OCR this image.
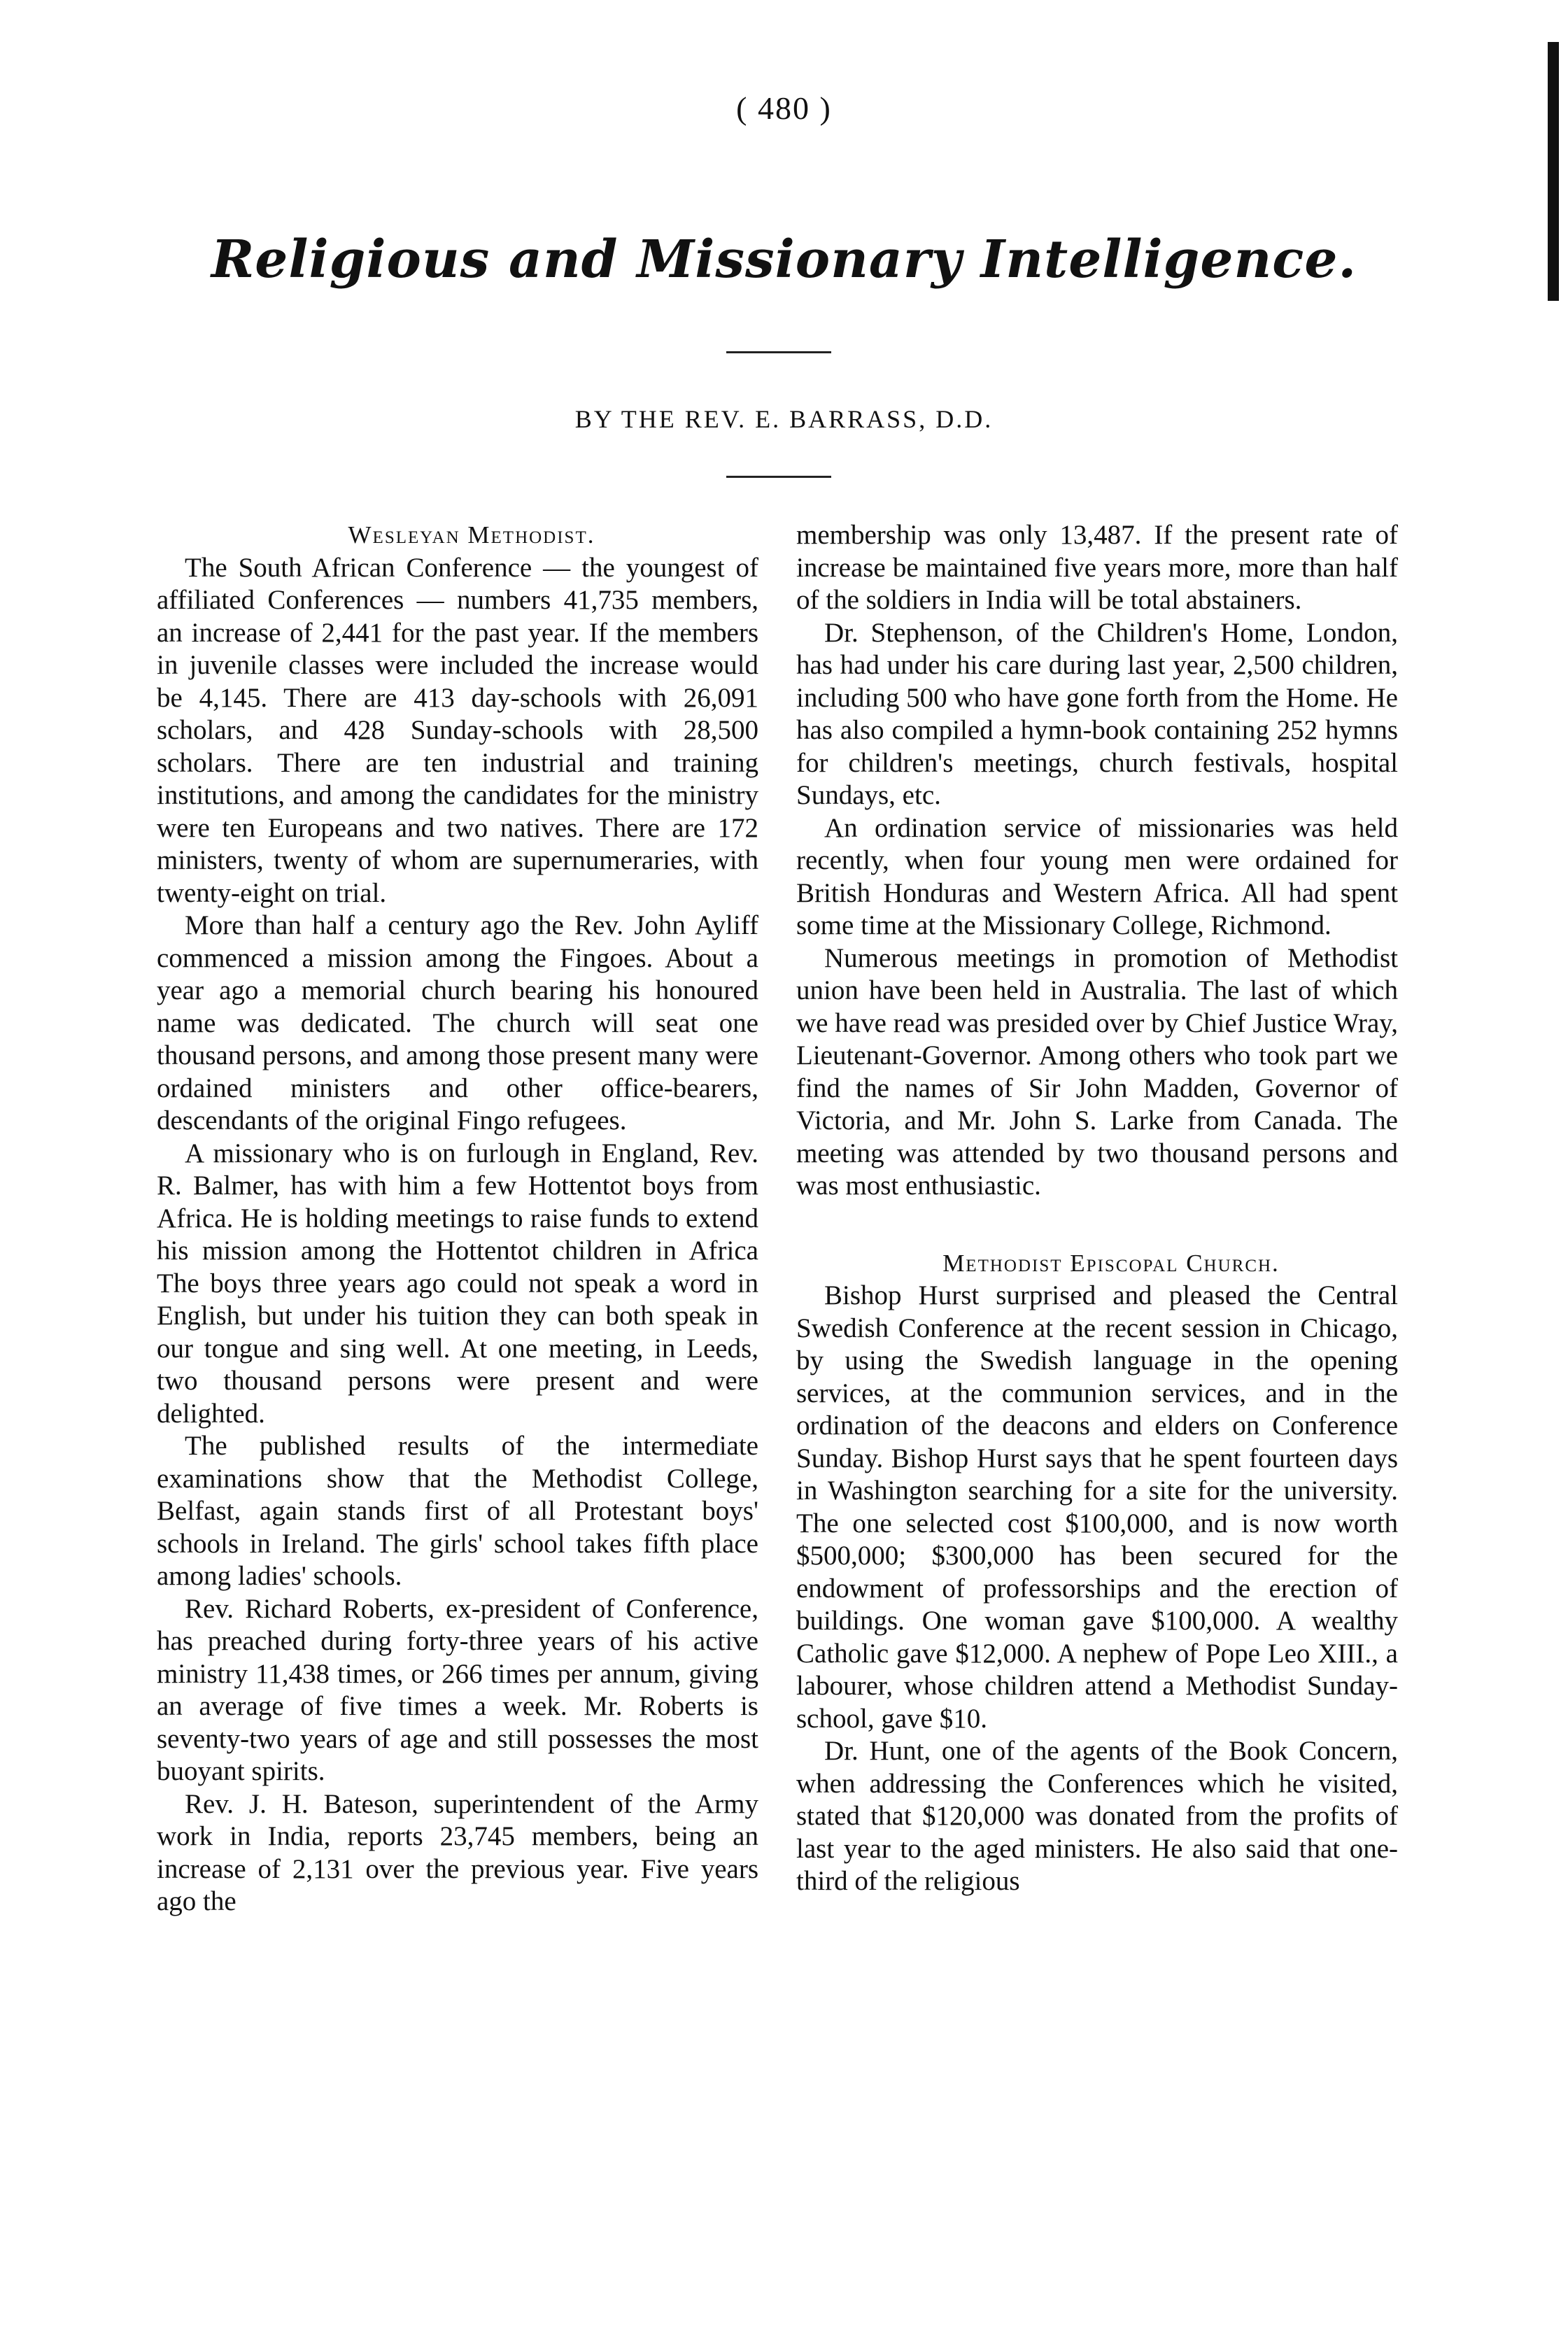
( 480 )
Religious and Missionary Intelligence.
BY THE REV. E. BARRASS, D.D.

Wesleyan Methodist.

The South African Conference — the youngest of affiliated Conferences — numbers 41,735 members, an increase of 2,441 for the past year. If the members in juvenile classes were included the increase would be 4,145. There are 413 day-schools with 26,091 scholars, and 428 Sunday-schools with 28,500 scholars. There are ten industrial and training institutions, and among the candidates for the ministry were ten Europeans and two natives. There are 172 ministers, twenty of whom are supernumeraries, with twenty-eight on trial.

More than half a century ago the Rev. John Ayliff commenced a mission among the Fingoes. About a year ago a memorial church bearing his honoured name was dedicated. The church will seat one thousand persons, and among those present many were ordained ministers and other office-bearers, descendants of the original Fingo refugees.

A missionary who is on furlough in England, Rev. R. Balmer, has with him a few Hottentot boys from Africa. He is holding meetings to raise funds to extend his mission among the Hottentot children in Africa The boys three years ago could not speak a word in English, but under his tuition they can both speak in our tongue and sing well. At one meeting, in Leeds, two thousand persons were present and were delighted.

The published results of the intermediate examinations show that the Methodist College, Belfast, again stands first of all Protestant boys' schools in Ireland. The girls' school takes fifth place among ladies' schools.

Rev. Richard Roberts, ex-president of Conference, has preached during forty-three years of his active ministry 11,438 times, or 266 times per annum, giving an average of five times a week. Mr. Roberts is seventy-two years of age and still possesses the most buoyant spirits.

Rev. J. H. Bateson, superintendent of the Army work in India, reports 23,745 members, being an increase of 2,131 over the previous year. Five years ago the

membership was only 13,487. If the present rate of increase be maintained five years more, more than half of the soldiers in India will be total abstainers.

Dr. Stephenson, of the Children's Home, London, has had under his care during last year, 2,500 children, including 500 who have gone forth from the Home. He has also compiled a hymn-book containing 252 hymns for children's meetings, church festivals, hospital Sundays, etc.

An ordination service of missionaries was held recently, when four young men were ordained for British Honduras and Western Africa. All had spent some time at the Missionary College, Richmond.

Numerous meetings in promotion of Methodist union have been held in Australia. The last of which we have read was presided over by Chief Justice Wray, Lieutenant-Governor. Among others who took part we find the names of Sir John Madden, Governor of Victoria, and Mr. John S. Larke from Canada. The meeting was attended by two thousand persons and was most enthusiastic.

Methodist Episcopal Church.

Bishop Hurst surprised and pleased the Central Swedish Conference at the recent session in Chicago, by using the Swedish language in the opening services, at the communion services, and in the ordination of the deacons and elders on Conference Sunday. Bishop Hurst says that he spent fourteen days in Washington searching for a site for the university. The one selected cost $100,000, and is now worth $500,000; $300,000 has been secured for the endowment of professorships and the erection of buildings. One woman gave $100,000. A wealthy Catholic gave $12,000. A nephew of Pope Leo XIII., a labourer, whose children attend a Methodist Sunday-school, gave $10.

Dr. Hunt, one of the agents of the Book Concern, when addressing the Conferences which he visited, stated that $120,000 was donated from the profits of last year to the aged ministers. He also said that one-third of the religious
